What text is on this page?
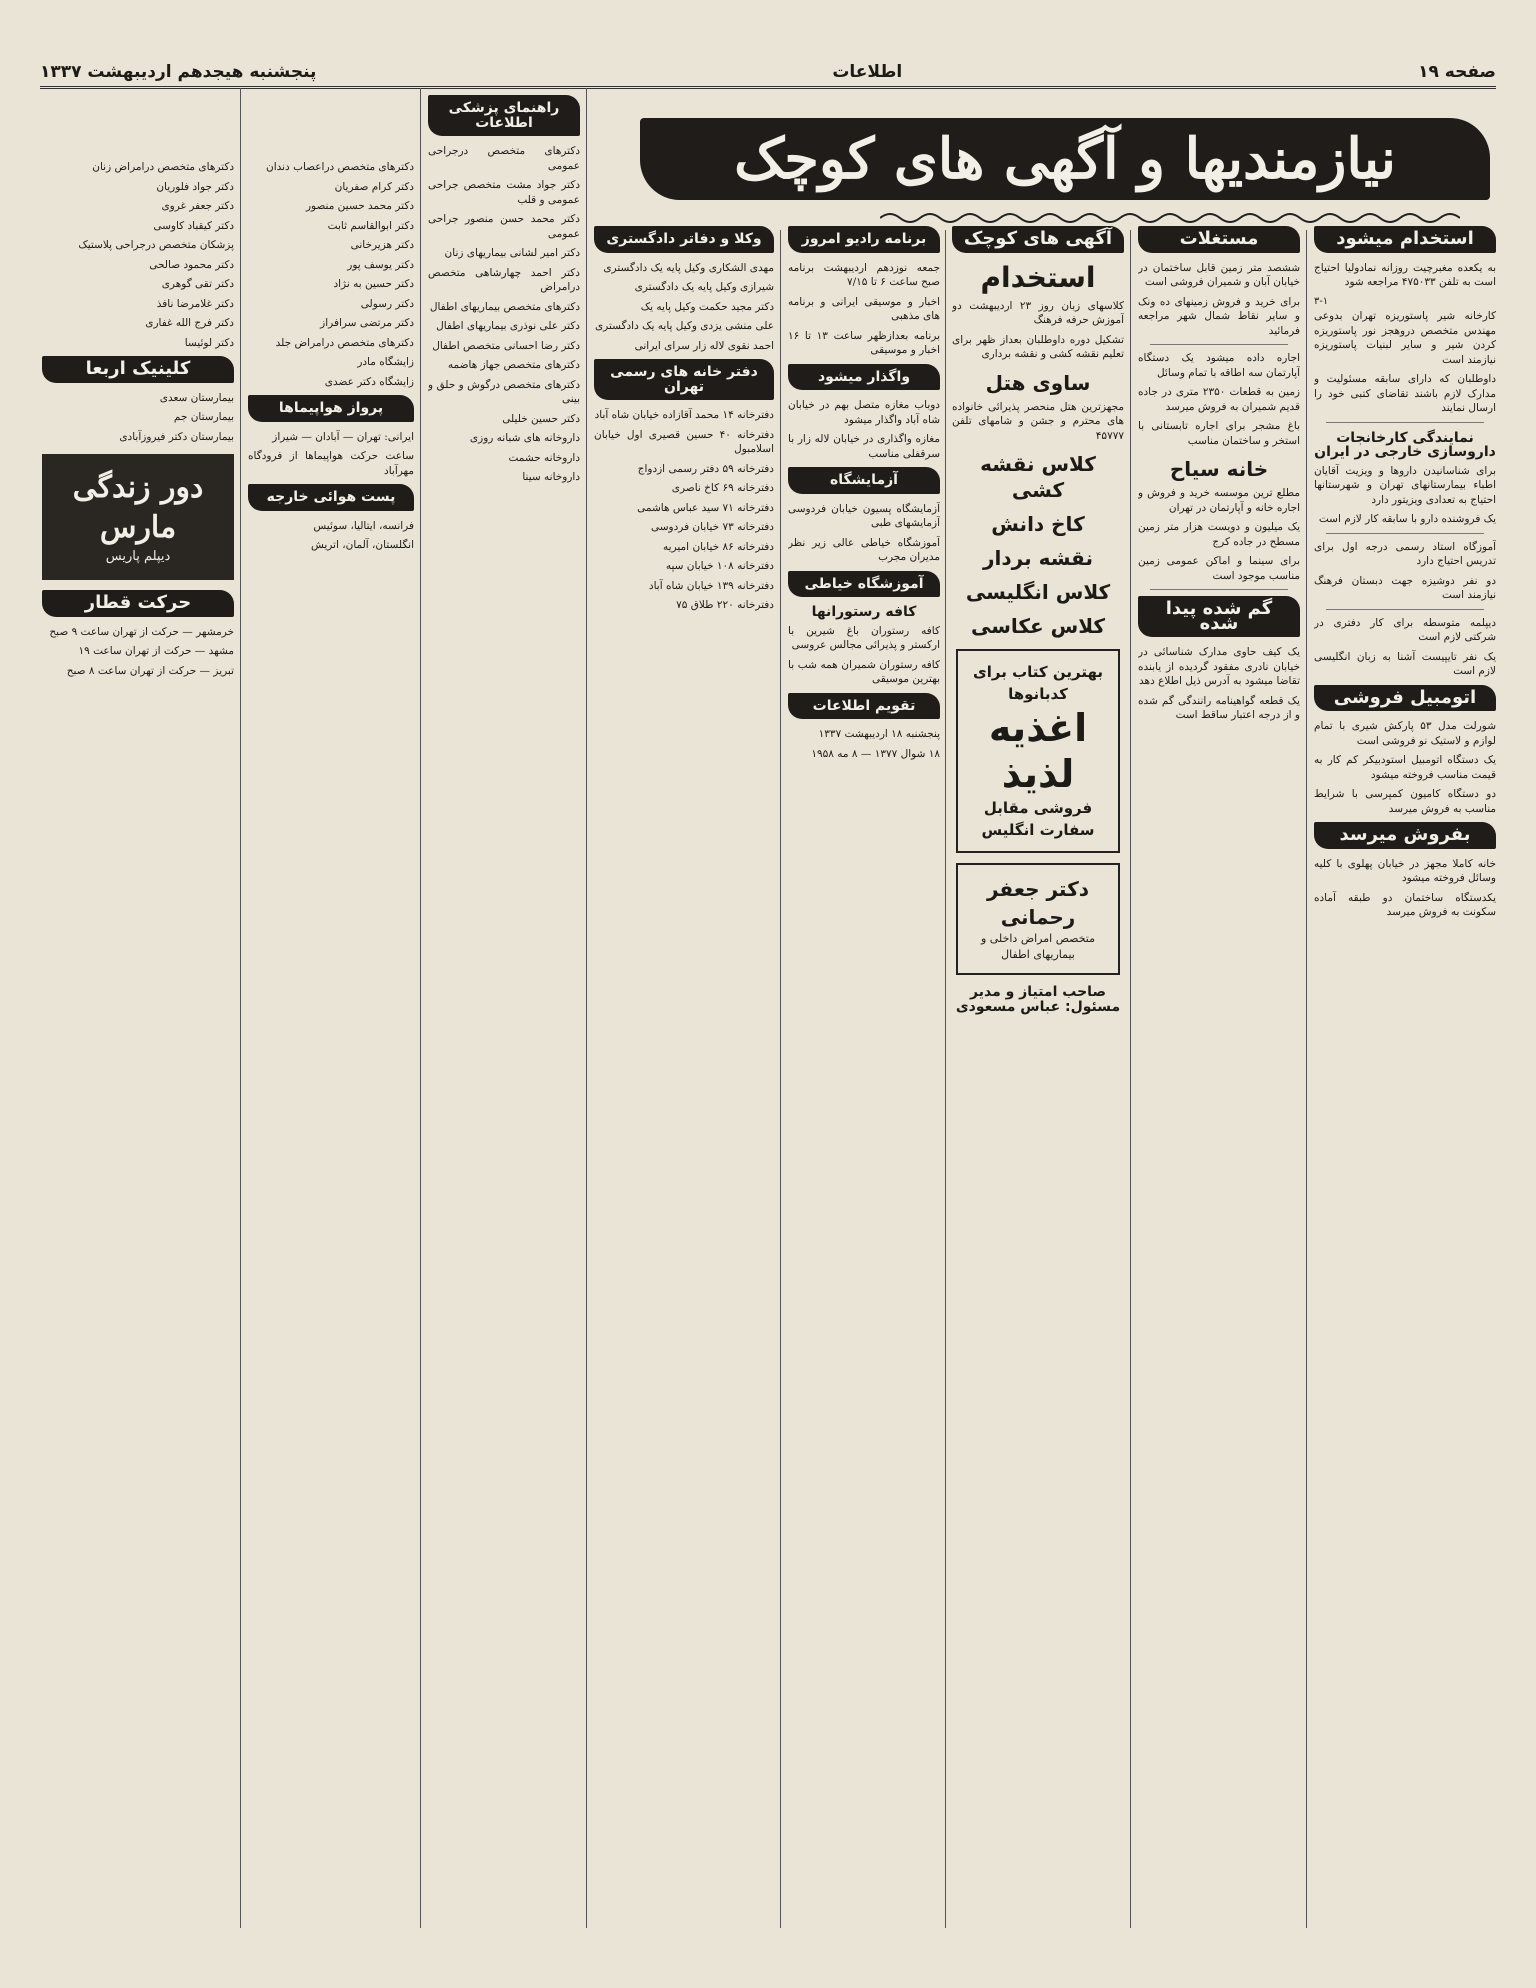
صفحه ۱۹
اطلاعات
پنجشنبه هیجدهم اردیبهشت ۱۳۳۷
نیازمندیها و آگهی های کوچک
استخدام میشود
به یکعده مغبرچیت روزانه نمادولیا احتیاج است به تلفن ۴۷۵۰۳۳ مراجعه شود
۳-۱
کارخانه شیر پاستوریزه تهران بدوعی مهندس متخصص دروهجز نور پاستوریزه کردن شیر و سایر لبنیات پاستوریزه نیازمند است
داوطلبان که دارای سابقه مسئولیت و مدارک لازم باشند تقاضای کتبی خود را ارسال نمایند
نمایندگی کارخانجات داروسازی خارجی در ایران
برای شناسانیدن داروها و ویزیت آقایان اطباء بیمارستانهای تهران و شهرستانها احتیاج به تعدادی ویزیتور دارد
یک فروشنده دارو با سابقه کار لازم است
آموزگاه استاد رسمی درجه اول برای تدریس احتیاج دارد
دو نفر دوشیزه جهت دبستان فرهنگ نیازمند است
دیپلمه متوسطه برای کار دفتری در شرکتی لازم است
یک نفر تایپیست آشنا به زبان انگلیسی لازم است
اتومبیل فروشی
شورلت مدل ۵۳ پارکش شیری با تمام لوازم و لاستیک نو فروشی است
یک دستگاه اتومبیل استودبیکر کم کار به قیمت مناسب فروخته میشود
دو دستگاه کامیون کمپرسی با شرایط مناسب به فروش میرسد
بفروش میرسد
خانه کاملا مجهز در خیابان پهلوی با کلیه وسائل فروخته میشود
یکدستگاه ساختمان دو طبقه آماده سکونت به فروش میرسد
مستغلات
ششصد متر زمین قابل ساختمان در خیابان آبان و شمیران فروشی است
برای خرید و فروش زمینهای ده ونک و سایر نقاط شمال شهر مراجعه فرمائید
اجاره داده میشود یک دستگاه آپارتمان سه اطاقه با تمام وسائل
زمین به قطعات ۲۳۵۰ متری در جاده قدیم شمیران به فروش میرسد
باغ مشجر برای اجاره تابستانی با استخر و ساختمان مناسب
خانه سیاح
مطلع ترین موسسه خرید و فروش و اجاره خانه و آپارتمان در تهران
یک میلیون و دویست هزار متر زمین مسطح در جاده کرج
برای سینما و اماکن عمومی زمین مناسب موجود است
گم شده پیدا شده
یک کیف حاوی مدارک شناسائی در خیابان نادری مفقود گردیده از یابنده تقاضا میشود به آدرس ذیل اطلاع دهد
یک قطعه گواهینامه رانندگی گم شده و از درجه اعتبار ساقط است
آگهی های کوچک
استخدام
کلاسهای زبان روز ۲۳ اردیبهشت دو آموزش حرفه فرهنگ
تشکیل دوره داوطلبان بعداز ظهر برای تعلیم نقشه کشی و نقشه برداری
ساوی هتل
مجهزترین هتل منحصر پذیرائی خانواده های محترم و جشن و شامهای تلفن ۴۵۷۷۷
کلاس نقشه کشی
کاخ دانش
نقشه بردار
کلاس انگلیسی
کلاس عکاسی
بهترین کتاب برای کدبانوها
اغذیه لذیذ
فروشی مقابل سفارت انگلیس
دکتر جعفر رحمانی
متخصص امراض داخلی و بیماریهای اطفال
صاحب امتیاز و مدیر مسئول: عباس مسعودی
برنامه رادیو امروز
جمعه نوزدهم اردیبهشت برنامه صبح ساعت ۶ تا ۷/۱۵
اخبار و موسیقی ایرانی و برنامه های مذهبی
برنامه بعدازظهر ساعت ۱۳ تا ۱۶ اخبار و موسیقی
واگذار میشود
دوباب مغازه متصل بهم در خیابان شاه آباد واگذار میشود
مغازه واگذاری در خیابان لاله زار با سرقفلی مناسب
آزمایشگاه
آزمایشگاه پسیون خیابان فردوسی آزمایشهای طبی
آموزشگاه خیاطی عالی زیر نظر مدیران مجرب
آموزشگاه خیاطی
کافه رستورانها
کافه رستوران باغ شیرین با ارکستر و پذیرائی مجالس عروسی
کافه رستوران شمیران همه شب با بهترین موسیقی
تقویم اطلاعات
پنجشنبه ۱۸ اردیبهشت ۱۳۳۷
۱۸ شوال ۱۳۷۷ — ۸ مه ۱۹۵۸
وکلا و دفاتر دادگستری
مهدی الشکاری وکیل پایه یک دادگستری
شیرازی وکیل پایه یک دادگستری
دکتر مجید حکمت وکیل پایه یک
علی منشی یزدی وکیل پایه یک دادگستری
احمد نقوی لاله زار سرای ایرانی
دفتر خانه های رسمی تهران
دفترخانه ۱۴ محمد آقازاده خیابان شاه آباد
دفترخانه ۴۰ حسین قصیری اول خیابان اسلامبول
دفترخانه ۵۹ دفتر رسمی ازدواج
دفترخانه ۶۹ کاخ ناصری
دفترخانه ۷۱ سید عباس هاشمی
دفترخانه ۷۳ خیابان فردوسی
دفترخانه ۸۶ خیابان امیریه
دفترخانه ۱۰۸ خیابان سپه
دفترخانه ۱۳۹ خیابان شاه آباد
دفترخانه ۲۲۰ طلاق ۷۵
راهنمای پزشکی اطلاعات
دکترهای متخصص درجراحی عمومی
دکتر جواد مشت متخصص جراحی عمومی و قلب
دکتر محمد حسن منصور جراحی عمومی
دکتر امیر لشانی بیماریهای زنان
دکتر احمد چهارشاهی متخصص درامراض
دکترهای متخصص بیماریهای اطفال
دکتر علی نوذری بیماریهای اطفال
دکتر رضا احسانی متخصص اطفال
دکترهای متخصص جهاز هاضمه
دکترهای متخصص درگوش و حلق و بینی
دکتر حسین خلیلی
داروخانه های شبانه روزی
داروخانه حشمت
داروخانه سینا
دکترهای متخصص دراعصاب دندان
دکتر کرام صفریان
دکتر محمد حسین منصور
دکتر ابوالقاسم ثابت
دکتر هزیرخانی
دکتر یوسف پور
دکتر حسین به نژاد
دکتر رسولی
دکتر مرتضی سرافراز
دکترهای متخصص درامراض جلد
زایشگاه مادر
زایشگاه دکتر عضدی
پرواز هواپیماها
ایرانی: تهران — آبادان — شیراز
ساعت حرکت هواپیماها از فرودگاه مهرآباد
پست هوائی خارجه
فرانسه، ایتالیا، سوئیس
انگلستان، آلمان، اتریش
دکترهای متخصص درامراض زنان
دکتر جواد فلوریان
دکتر جعفر غروی
دکتر کیقباد کاوسی
پزشکان متخصص درجراحی پلاستیک
دکتر محمود صالحی
دکتر تقی گوهری
دکتر غلامرضا نافذ
دکتر فرج الله غفاری
دکتر لوئیسا
کلینیک اربعا
بیمارستان سعدی
بیمارستان جم
بیمارستان دکتر فیروزآبادی
دور زندگی مارس
دیپلم پاریس
حرکت قطار
خرمشهر — حرکت از تهران ساعت ۹ صبح
مشهد — حرکت از تهران ساعت ۱۹
تبریز — حرکت از تهران ساعت ۸ صبح
